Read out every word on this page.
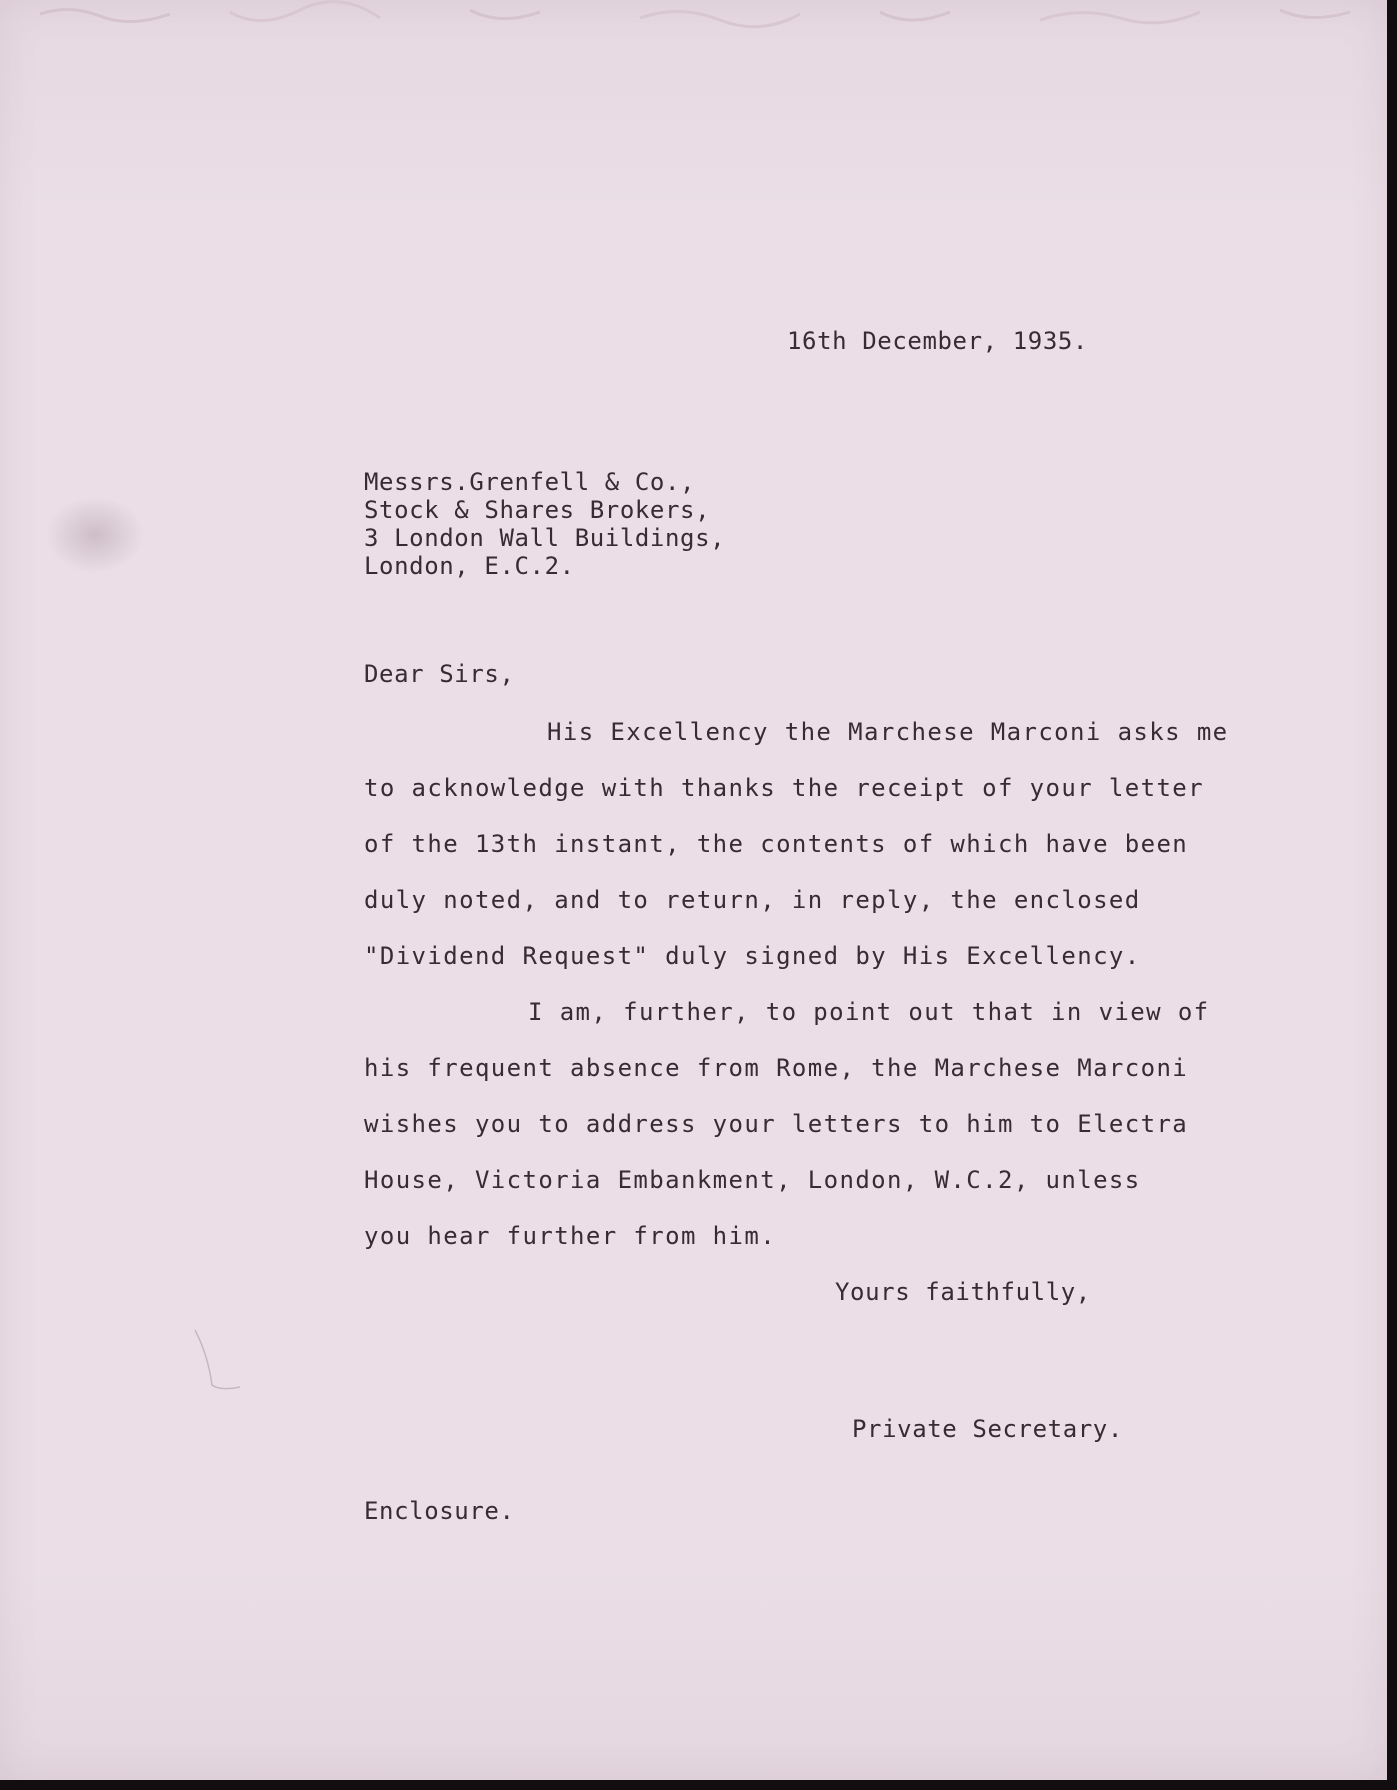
16th December, 1935.
Messrs.Grenfell & Co.,
Stock & Shares Brokers,
3 London Wall Buildings,
London, E.C.2.
Dear Sirs,
His Excellency the Marchese Marconi asks me
to acknowledge with thanks the receipt of your letter
of the 13th instant, the contents of which have been
duly noted, and to return, in reply, the enclosed
"Dividend Request" duly signed by His Excellency.
I am, further, to point out that in view of
his frequent absence from Rome, the Marchese Marconi
wishes you to address your letters to him to Electra
House, Victoria Embankment, London, W.C.2, unless
you hear further from him.
Yours faithfully,
Private Secretary.
Enclosure.
